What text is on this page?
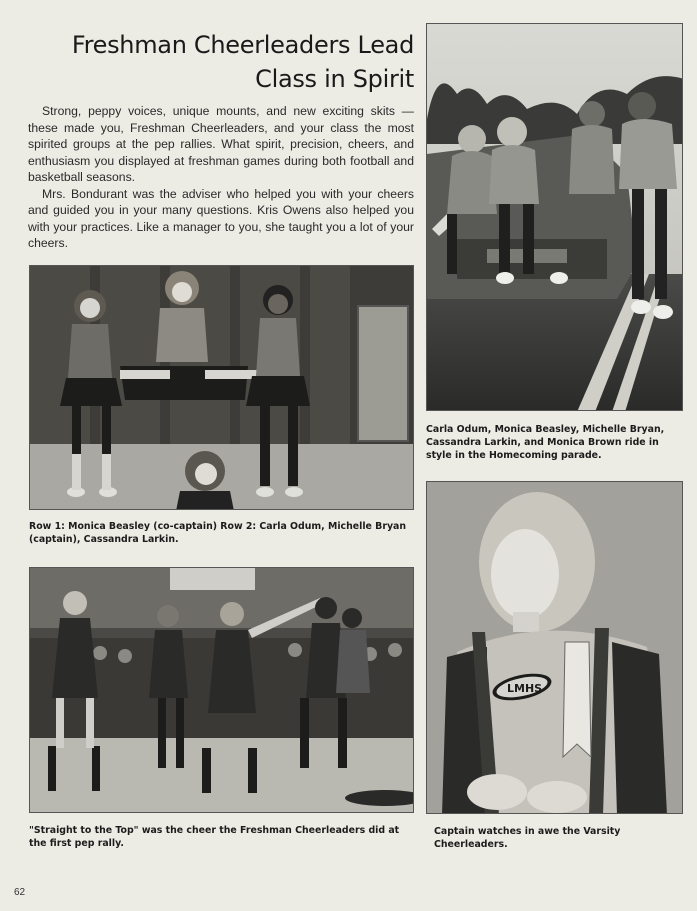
Freshman Cheerleaders Lead
Class in Spirit

Strong, peppy voices, unique mounts, and new exciting skits — these made you, Freshman Cheerleaders, and your class the most spirited groups at the pep rallies. What spirit, precision, cheers, and enthusiasm you displayed at freshman games during both football and basketball seasons.

Mrs. Bondurant was the adviser who helped you with your cheers and guided you in your many questions. Kris Owens also helped you with your practices. Like a manager to you, she taught you a lot of your cheers.

Carla Odum, Monica Beasley, Michelle Bryan, Cassandra Larkin, and Monica Brown ride in style in the Homecoming parade.
Row 1: Monica Beasley (co-captain) Row 2: Carla Odum, Michelle Bryan (captain), Cassandra Larkin.
LMHS
Captain watches in awe the Varsity Cheerleaders.
"Straight to the Top" was the cheer the Freshman Cheerleaders did at the first pep rally.
62
